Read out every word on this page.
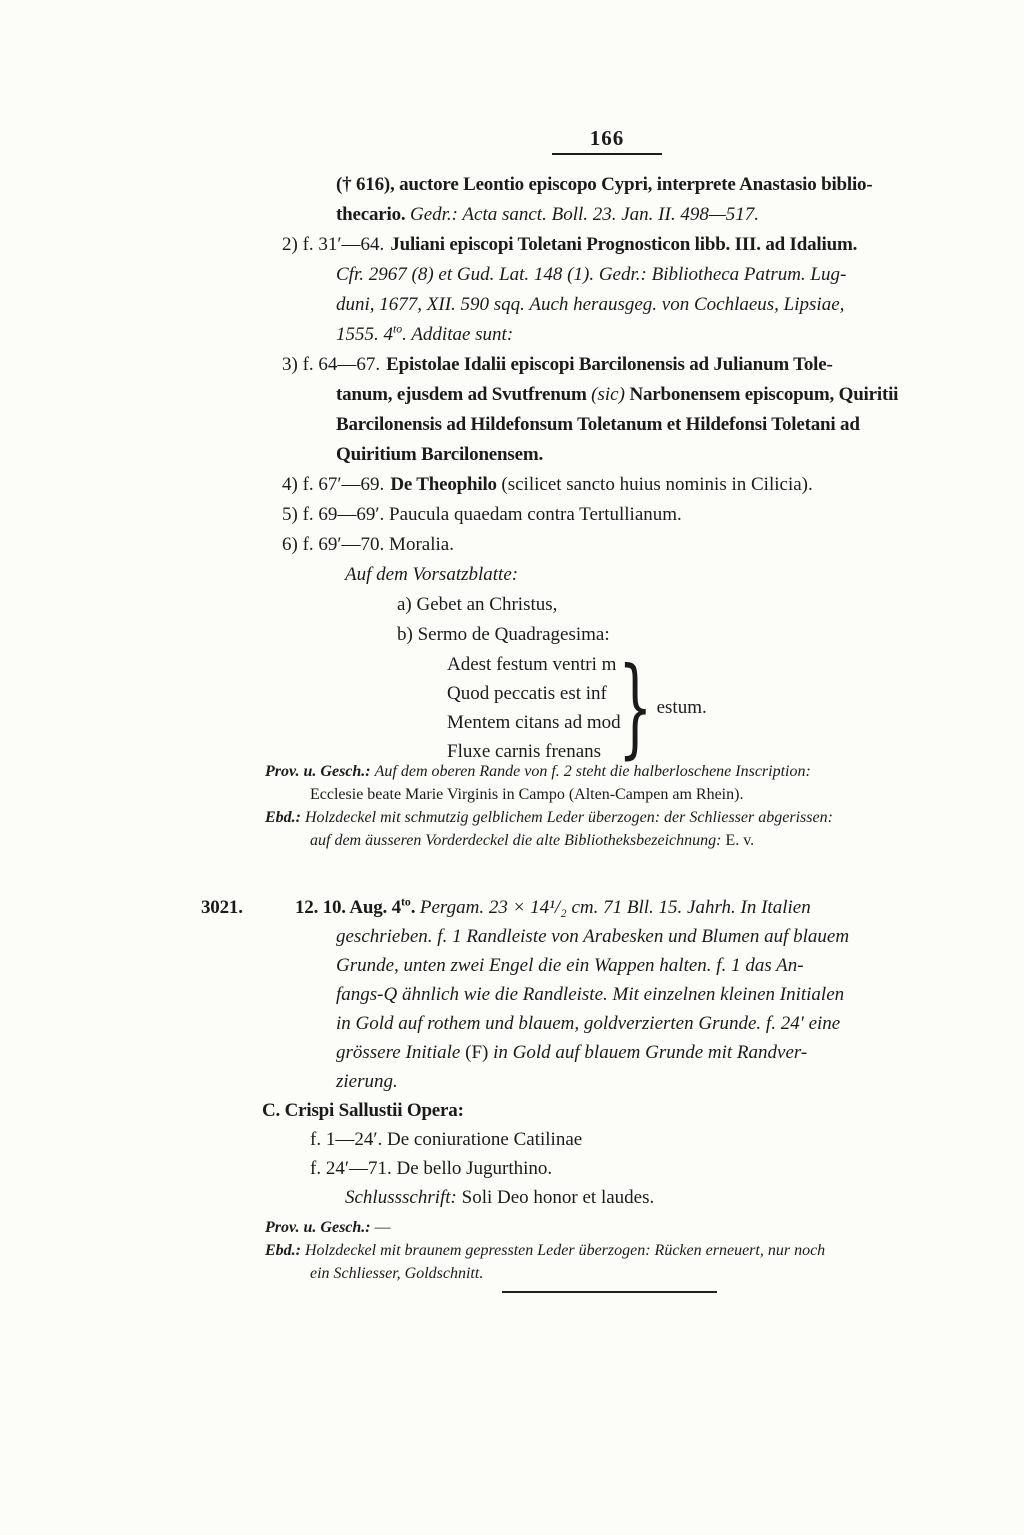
166
(† 616), auctore Leontio episcopo Cypri, interprete Anastasio biblio-
thecario. Gedr.: Acta sanct. Boll. 23. Jan. II. 498—517.
2) f. 31′—64. Juliani episcopi Toletani Prognosticon libb. III. ad Idalium.
Cfr. 2967 (8) et Gud. Lat. 148 (1). Gedr.: Bibliotheca Patrum. Lug-
duni, 1677, XII. 590 sqq. Auch herausgeg. von Cochlaeus, Lipsiae,
1555. $4^{to}$. Additae sunt:
3) f. 64—67. Epistolae Idalii episcopi Barcilonensis ad Julianum Tole-
tanum, ejusdem ad Svutfrenum (sic) Narbonensem episcopum, Quiritii
Barcilonensis ad Hildefonsum Toletanum et Hildefonsi Toletani ad
Quiritium Barcilonensem.
4) f. 67′—69. De Theophilo (scilicet sancto huius nominis in Cilicia).
5) f. 69—69′. Paucula quaedam contra Tertullianum.
6) f. 69′—70. Moralia.
Auf dem Vorsatzblatte:
a) Gebet an Christus,
b) Sermo de Quadragesima:
Adest festum ventri m
Quod peccatis est inf
Mentem citans ad mod
Fluxe carnis frenans } estum.
Prov. u. Gesch.: Auf dem oberen Rande von f. 2 steht die halberloschene Inscription:
Ecclesie beate Marie Virginis in Campo (Alten-Campen am Rhein).
Ebd.: Holzdeckel mit schmutzig gelblichem Leder überzogen: der Schliesser abgerissen:
auf dem äusseren Vorderdeckel die alte Bibliotheksbezeichnung: E. v.
3021.	12. 10. Aug. $4^{to}$. Pergam. 23 × 14¹/₂ cm. 71 Bll. 15. Jahrh. In Italien
geschrieben. f. 1 Randleiste von Arabesken und Blumen auf blauem
Grunde, unten zwei Engel die ein Wappen halten. f. 1 das An-
fangs-Q ähnlich wie die Randleiste. Mit einzelnen kleinen Initialen
in Gold auf rothem und blauem, goldverzierten Grunde. f. 24′ eine
grössere Initiale (F) in Gold auf blauem Grunde mit Randver-
zierung.
C. Crispi Sallustii Opera:
f. 1—24′. De coniuratione Catilinae
f. 24′—71. De bello Jugurthino.
Schlussschrift: Soli Deo honor et laudes.
Prov. u. Gesch.: —
Ebd.: Holzdeckel mit braunem gepressten Leder überzogen: Rücken erneuert, nur noch
ein Schliesser, Goldschnitt.
